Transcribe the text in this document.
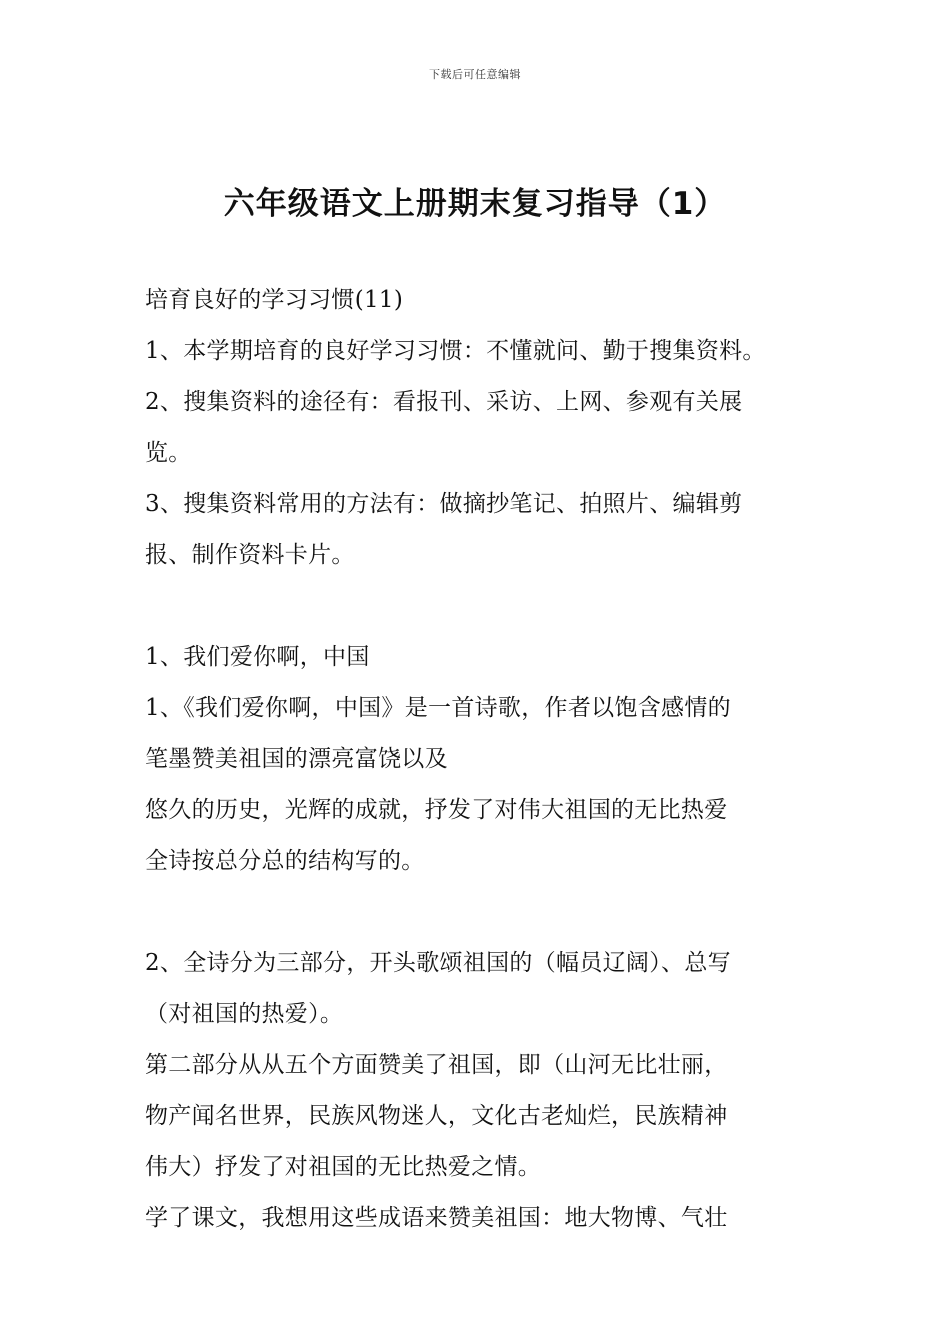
下载后可任意编辑
六年级语文上册期末复习指导（1）
培育良好的学习习惯(11)
1、本学期培育的良好学习习惯：不懂就问、勤于搜集资料。
2、搜集资料的途径有：看报刊、采访、上网、参观有关展
览。
3、搜集资料常用的方法有：做摘抄笔记、拍照片、编辑剪
报、制作资料卡片。
1、我们爱你啊，中国
1、《我们爱你啊，中国》是一首诗歌，作者以饱含感情的
笔墨赞美祖国的漂亮富饶以及
悠久的历史，光辉的成就，抒发了对伟大祖国的无比热爱
全诗按总分总的结构写的。
2、全诗分为三部分，开头歌颂祖国的（幅员辽阔）、总写
（对祖国的热爱）。
第二部分从从五个方面赞美了祖国，即（山河无比壮丽，
物产闻名世界，民族风物迷人，文化古老灿烂，民族精神
伟大）抒发了对祖国的无比热爱之情。
学了课文，我想用这些成语来赞美祖国：地大物博、气壮
